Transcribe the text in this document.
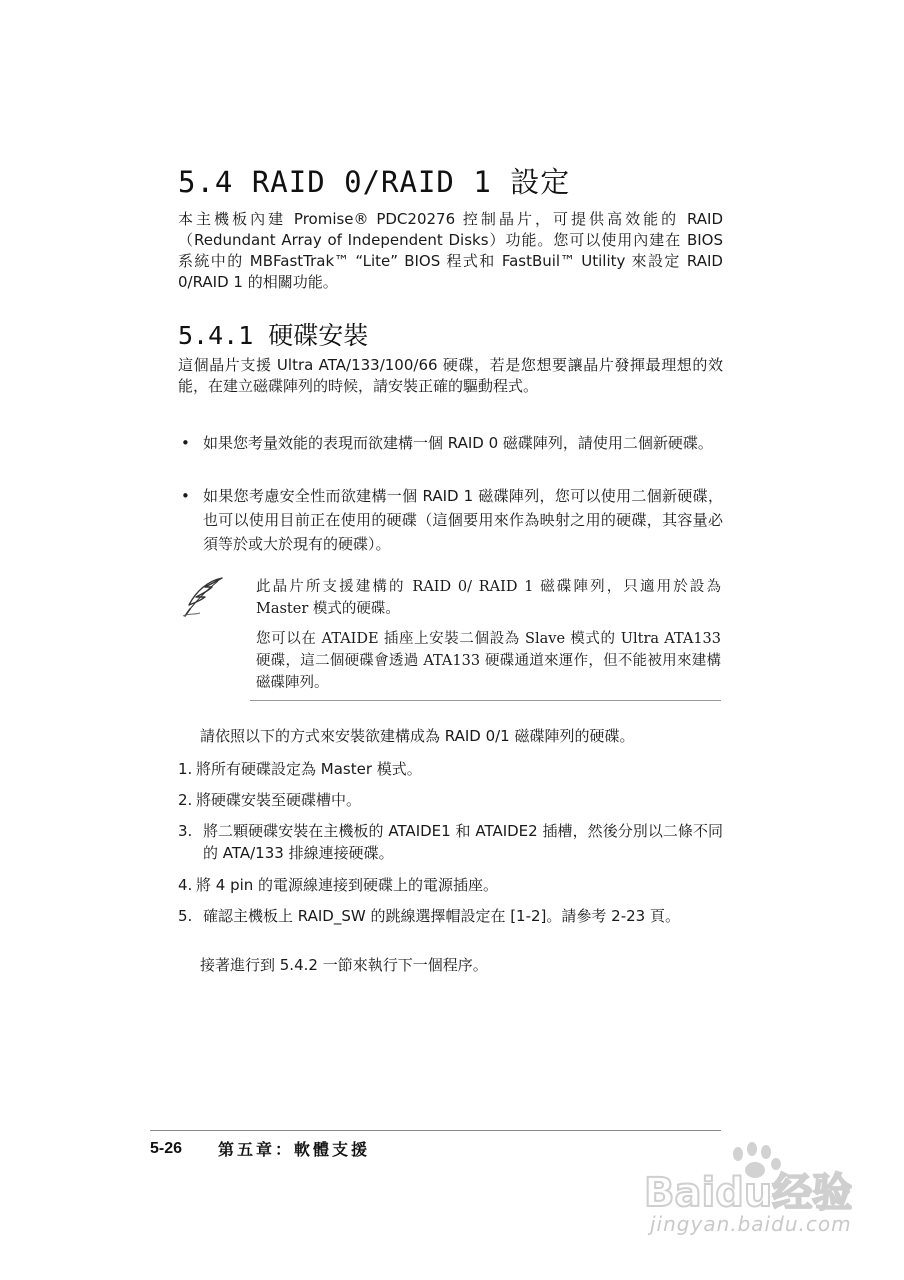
5.4 RAID 0/RAID 1 設定
本主機板內建 Promise® PDC20276 控制晶片，可提供高效能的 RAID（Redundant Array of Independent Disks）功能。您可以使用內建在 BIOS 系統中的 MBFastTrak™ “Lite” BIOS 程式和 FastBuil™ Utility 來設定 RAID 0/RAID 1 的相關功能。
5.4.1 硬碟安裝
這個晶片支援 Ultra ATA/133/100/66 硬碟，若是您想要讓晶片發揮最理想的效能，在建立磁碟陣列的時候，請安裝正確的驅動程式。
• 如果您考量效能的表現而欲建構一個 RAID 0 磁碟陣列，請使用二個新硬碟。
• 如果您考慮安全性而欲建構一個 RAID 1 磁碟陣列，您可以使用二個新硬碟，也可以使用目前正在使用的硬碟（這個要用來作為映射之用的硬碟，其容量必須等於或大於現有的硬碟）。
此晶片所支援建構的 RAID 0/ RAID 1 磁碟陣列，只適用於設為 Master 模式的硬碟。
您可以在 ATAIDE 插座上安裝二個設為 Slave 模式的 Ultra ATA133 硬碟，這二個硬碟會透過 ATA133 硬碟通道來運作，但不能被用來建構磁碟陣列。
請依照以下的方式來安裝欲建構成為 RAID 0/1 磁碟陣列的硬碟。
1. 將所有硬碟設定為 Master 模式。
2. 將硬碟安裝至硬碟槽中。
3. 將二顆硬碟安裝在主機板的 ATAIDE1 和 ATAIDE2 插槽，然後分別以二條不同的 ATA/133 排線連接硬碟。
4. 將 4 pin 的電源線連接到硬碟上的電源插座。
5. 確認主機板上 RAID_SW 的跳線選擇帽設定在 [1-2]。請參考 2-23 頁。
接著進行到 5.4.2 一節來執行下一個程序。
5-26 第五章：軟體支援
Baidu经验
jingyan.baidu.com
